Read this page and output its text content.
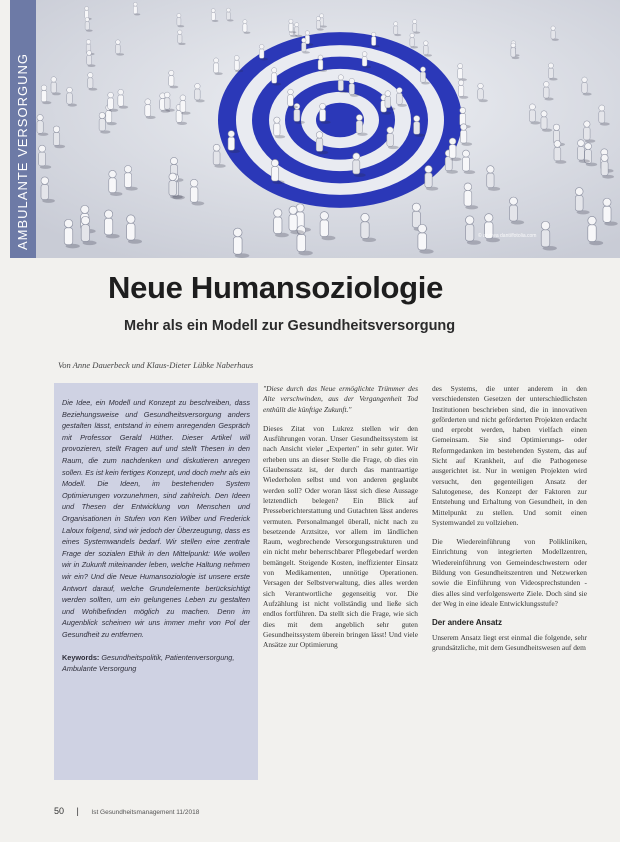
AMBULANTE VERSORGUNG	© andrea danti/fotolia.com
Neue Humansoziologie
Mehr als ein Modell zur Gesundheitsversorgung
Von Anne Dauerbeck und Klaus-Dieter Lübke Naberhaus

Die Idee, ein Modell und Konzept zu beschreiben, dass Beziehungsweise und Gesundheitsversorgung anders gestalten lässt, entstand in einem anregenden Gespräch mit Professor Gerald Hüther. Dieser Artikel will provozieren, stellt Fragen auf und stellt Thesen in den Raum, die zum nachdenken und diskutieren anregen sollen. Es ist kein fertiges Konzept, und doch mehr als ein Modell. Die Ideen, im bestehenden System Optimierungen vorzunehmen, sind zahlreich. Den Ideen und Thesen der Entwicklung von Menschen und Organisationen in Stufen von Ken Wilber und Frederick Laloux folgend, sind wir jedoch der Überzeugung, dass es eines Systemwandels bedarf. Wir stellen eine zentrale Frage der sozialen Ethik in den Mittelpunkt: Wie wollen wir in Zukunft miteinander leben, welche Haltung nehmen wir ein? Und die Neue Humansoziologie ist unsere erste Antwort darauf, welche Grundelemente berücksichtigt werden sollten, um ein gelungenes Leben zu gestalten und Wohlbefinden möglich zu machen. Denn im Augenblick scheinen wir uns immer mehr von Pol der Gesundheit zu entfernen.

Keywords: Gesundheitspolitik, Patientenversorgung, Ambulante Versorgung

"Diese durch das Neue ermöglichte Trümmer des Alte verschwinden, aus der Vergangenheit Tod enthüllt die künftige Zukunft."

Dieses Zitat von Lukrez stellen wir den Ausführungen voran. Unser Gesundheitssystem ist nach Ansicht vieler „Experten" in sehr guter. Wir erheben uns an dieser Stelle die Frage, ob dies ein Glaubenssatz ist, der durch das mantraartige Wiederholen selbst und von anderen geglaubt werden soll? Oder woran lässt sich diese Aussage letztendlich belegen? Ein Blick auf Presseberichterstattung und Gutachten lässt anderes vermuten. Personalmangel überall, nicht nach zu besetzende Arztsitze, vor allem im ländlichen Raum, wegbrechende Versorgungsstrukturen und ein nicht mehr beherrschbarer Pflegebedarf werden bemängelt. Steigende Kosten, ineffizienter Einsatz von Medikamenten, unnötige Operationen. Versagen der Selbstverwaltung, dies alles werden sich Verantwortliche gegenseitig vor. Die Aufzählung ist nicht vollständig und ließe sich endlos fortführen. Da stellt sich die Frage, wie sich dies mit dem angeblich sehr guten Gesundheitssystem überein bringen lässt! Und viele Ansätze zur Optimierung

des Systems, die unter anderem in den verschiedensten Gesetzen der unterschiedlichsten Institutionen beschrieben sind, die in innovativen geförderten und nicht geförderten Projekten erdacht und erprobt werden, haben vielfach einen Gemeinsam. Sie sind Optimierungs- oder Reformgedanken im bestehenden System, das auf Sicht auf Krankheit, auf die Pathogenese ausgerichtet ist. Nur in wenigen Projekten wird versucht, den gegenteiligen Ansatz der Salutogenese, des Konzept der Faktoren zur Entstehung und Erhaltung von Gesundheit, in den Mittelpunkt zu stellen. Und somit einen Systemwandel zu vollziehen.

Die Wiedereinführung von Polikliniken, Einrichtung von integrierten Modellzentren, Wiedereinführung von Gemeindeschwestern oder Bildung von Gesundheitszentren und Netzwerken sowie die Einführung von Videosprechstunden - dies alles sind verfolgenswerte Ziele. Doch sind sie der Weg in eine ideale Entwicklungsstufe?

Der andere Ansatz

Unserem Ansatz liegt erst einmal die folgende, sehr grundsätzliche, mit dem Gesundheitswesen auf dem

50 | Ist Gesundheitsmanagement 11/2018
